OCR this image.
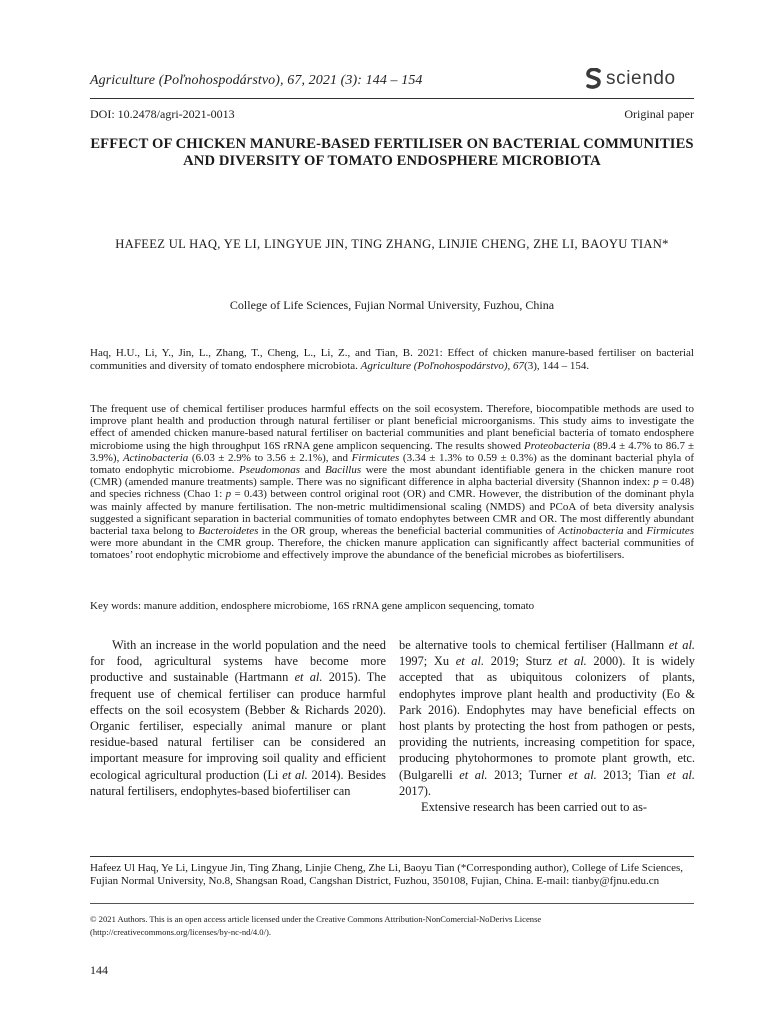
Agriculture (Poľnohospodárstvo), 67, 2021 (3): 144 – 154	sciendo
DOI: 10.2478/agri-2021-0013	Original paper
EFFECT OF CHICKEN MANURE-BASED FERTILISER ON BACTERIAL COMMUNITIES AND DIVERSITY OF TOMATO ENDOSPHERE MICROBIOTA
HAFEEZ UL HAQ, YE LI, LINGYUE JIN, TING ZHANG, LINJIE CHENG, ZHE LI, BAOYU TIAN*
College of Life Sciences, Fujian Normal University, Fuzhou, China
Haq, H.U., Li, Y., Jin, L., Zhang, T., Cheng, L., Li, Z., and Tian, B. 2021: Effect of chicken manure-based fertiliser on bacterial communities and diversity of tomato endosphere microbiota. Agriculture (Poľnohospodárstvo), 67(3), 144 – 154.
The frequent use of chemical fertiliser produces harmful effects on the soil ecosystem. Therefore, biocompatible methods are used to improve plant health and production through natural fertiliser or plant beneficial microorganisms. This study aims to investigate the effect of amended chicken manure-based natural fertiliser on bacterial communities and plant beneficial bacteria of tomato endosphere microbiome using the high throughput 16S rRNA gene amplicon sequencing. The results showed Proteobacteria (89.4 ± 4.7% to 86.7 ± 3.9%), Actinobacteria (6.03 ± 2.9% to 3.56 ± 2.1%), and Firmicutes (3.34 ± 1.3% to 0.59 ± 0.3%) as the dominant bacterial phyla of tomato endophytic microbiome. Pseudomonas and Bacillus were the most abundant identifiable genera in the chicken manure root (CMR) (amended manure treatments) sample. There was no significant difference in alpha bacterial diversity (Shannon index: p = 0.48) and species richness (Chao 1: p = 0.43) between control original root (OR) and CMR. However, the distribution of the dominant phyla was mainly affected by manure fertilisation. The non-metric multidimensional scaling (NMDS) and PCoA of beta diversity analysis suggested a significant separation in bacterial communities of tomato endophytes between CMR and OR. The most differently abundant bacterial taxa belong to Bacteroidetes in the OR group, whereas the beneficial bacterial communities of Actinobacteria and Firmicutes were more abundant in the CMR group. Therefore, the chicken manure application can significantly affect bacterial communities of tomatoes’ root endophytic microbiome and effectively improve the abundance of the beneficial microbes as biofertilisers.
Key words: manure addition, endosphere microbiome, 16S rRNA gene amplicon sequencing, tomato

With an increase in the world population and the need for food, agricultural systems have become more productive and sustainable (Hartmann et al. 2015). The frequent use of chemical fertiliser can produce harmful effects on the soil ecosystem (Bebber & Richards 2020). Organic fertiliser, especially animal manure or plant residue-based natural fertiliser can be considered an important measure for improving soil quality and efficient ecological agricultural production (Li et al. 2014). Besides natural fertilisers, endophytes-based biofertiliser can

be alternative tools to chemical fertiliser (Hallmann et al. 1997; Xu et al. 2019; Sturz et al. 2000). It is widely accepted that as ubiquitous colonizers of plants, endophytes improve plant health and productivity (Eo & Park 2016). Endophytes may have beneficial effects on host plants by protecting the host from pathogen or pests, providing the nutrients, increasing competition for space, producing phytohormones to promote plant growth, etc. (Bulgarelli et al. 2013; Turner et al. 2013; Tian et al. 2017).

Extensive research has been carried out to as-

Hafeez Ul Haq, Ye Li, Lingyue Jin, Ting Zhang, Linjie Cheng, Zhe Li, Baoyu Tian (*Corresponding author), College of Life Sciences, Fujian Normal University, No.8, Shangsan Road, Cangshan District, Fuzhou, 350108, Fujian, China. E-mail: tianby@fjnu.edu.cn
© 2021 Authors. This is an open access article licensed under the Creative Commons Attribution-NonComercial-NoDerivs License
(http://creativecommons.org/licenses/by-nc-nd/4.0/).
144
